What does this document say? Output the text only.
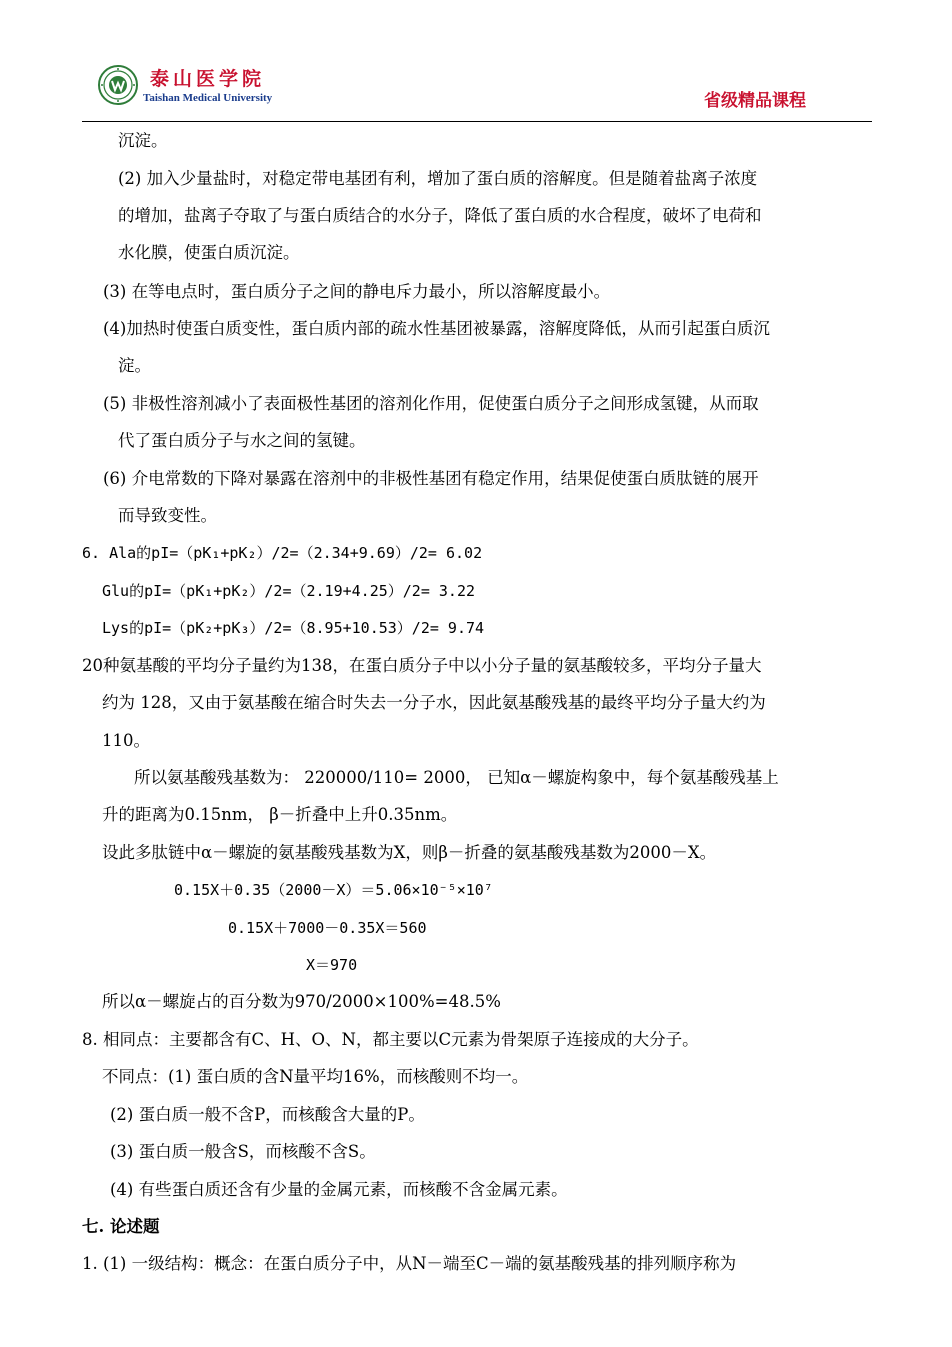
泰山医学院
Taishan Medical University	省级精品课程
沉淀。
(2) 加入少量盐时，对稳定带电基团有利，增加了蛋白质的溶解度。但是随着盐离子浓度
的增加，盐离子夺取了与蛋白质结合的水分子，降低了蛋白质的水合程度，破坏了电荷和
水化膜，使蛋白质沉淀。
(3) 在等电点时，蛋白质分子之间的静电斥力最小，所以溶解度最小。
(4)加热时使蛋白质变性，蛋白质内部的疏水性基团被暴露，溶解度降低，从而引起蛋白质沉
淀。
(5) 非极性溶剂减小了表面极性基团的溶剂化作用，促使蛋白质分子之间形成氢键，从而取
代了蛋白质分子与水之间的氢键。
(6) 介电常数的下降对暴露在溶剂中的非极性基团有稳定作用，结果促使蛋白质肽链的展开
而导致变性。
6. Ala的pI=（pK₁+pK₂）/2=（2.34+9.69）/2= 6.02
Glu的pI=（pK₁+pK₂）/2=（2.19+4.25）/2= 3.22
Lys的pI=（pK₂+pK₃）/2=（8.95+10.53）/2= 9.74
20种氨基酸的平均分子量约为138，在蛋白质分子中以小分子量的氨基酸较多，平均分子量大
约为 128，又由于氨基酸在缩合时失去一分子水，因此氨基酸残基的最终平均分子量大约为
110。
所以氨基酸残基数为： 220000/110= 2000， 已知α－螺旋构象中，每个氨基酸残基上
升的距离为0.15nm， β－折叠中上升0.35nm。
设此多肽链中α－螺旋的氨基酸残基数为X，则β－折叠的氨基酸残基数为2000－X。
0.15X＋0.35（2000－X）＝5.06×10⁻⁵×10⁷
0.15X＋7000－0.35X＝560
X＝970
所以α－螺旋占的百分数为970/2000×100%=48.5%
8. 相同点：主要都含有C、H、O、N，都主要以C元素为骨架原子连接成的大分子。
不同点：(1) 蛋白质的含N量平均16%，而核酸则不均一。
(2) 蛋白质一般不含P，而核酸含大量的P。
(3) 蛋白质一般含S，而核酸不含S。
(4) 有些蛋白质还含有少量的金属元素，而核酸不含金属元素。
七. 论述题
1. (1) 一级结构：概念：在蛋白质分子中，从N－端至C－端的氨基酸残基的排列顺序称为
